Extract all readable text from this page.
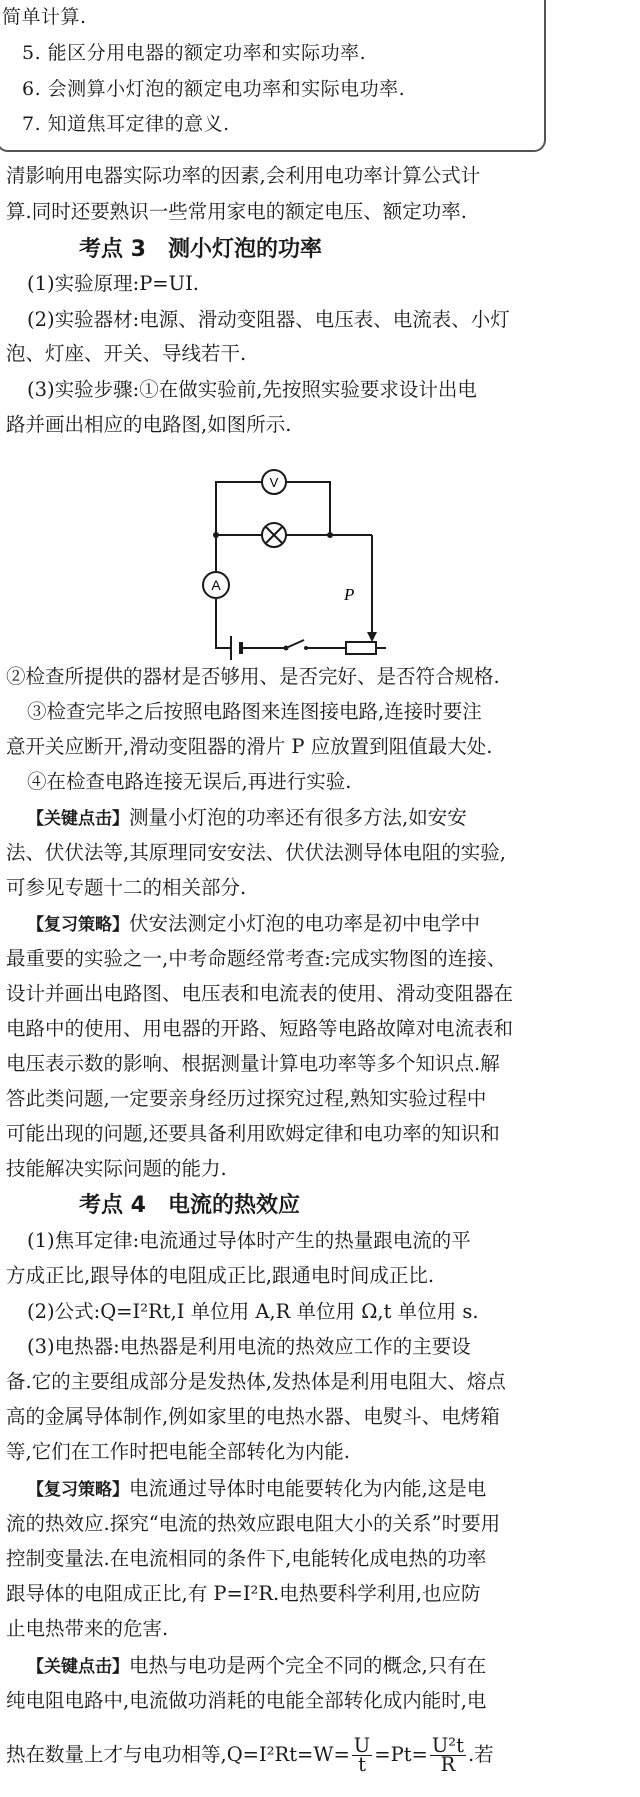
简单计算.
5. 能区分用电器的额定功率和实际功率.
6. 会测算小灯泡的额定电功率和实际电功率.
7. 知道焦耳定律的意义.
清影响用电器实际功率的因素,会利用电功率计算公式计
算.同时还要熟识一些常用家电的额定电压、额定功率.
考点 3 测小灯泡的功率
(1)实验原理:P=UI.
(2)实验器材:电源、滑动变阻器、电压表、电流表、小灯
泡、灯座、开关、导线若干.
(3)实验步骤:①在做实验前,先按照实验要求设计出电
路并画出相应的电路图,如图所示.
V
A	P
②检查所提供的器材是否够用、是否完好、是否符合规格.
③检查完毕之后按照电路图来连图接电路,连接时要注
意开关应断开,滑动变阻器的滑片 P 应放置到阻值最大处.
④在检查电路连接无误后,再进行实验.
【关键点击】测量小灯泡的功率还有很多方法,如安安
法、伏伏法等,其原理同安安法、伏伏法测导体电阻的实验,
可参见专题十二的相关部分.
【复习策略】伏安法测定小灯泡的电功率是初中电学中
最重要的实验之一,中考命题经常考查:完成实物图的连接、
设计并画出电路图、电压表和电流表的使用、滑动变阻器在
电路中的使用、用电器的开路、短路等电路故障对电流表和
电压表示数的影响、根据测量计算电功率等多个知识点.解
答此类问题,一定要亲身经历过探究过程,熟知实验过程中
可能出现的问题,还要具备利用欧姆定律和电功率的知识和
技能解决实际问题的能力.
考点 4 电流的热效应
(1)焦耳定律:电流通过导体时产生的热量跟电流的平
方成正比,跟导体的电阻成正比,跟通电时间成正比.
(2)公式:Q=I²Rt,I 单位用 A,R 单位用 Ω,t 单位用 s.
(3)电热器:电热器是利用电流的热效应工作的主要设
备.它的主要组成部分是发热体,发热体是利用电阻大、熔点
高的金属导体制作,例如家里的电热水器、电熨斗、电烤箱
等,它们在工作时把电能全部转化为内能.
【复习策略】电流通过导体时电能要转化为内能,这是电
流的热效应.探究“电流的热效应跟电阻大小的关系”时要用
控制变量法.在电流相同的条件下,电能转化成电热的功率
跟导体的电阻成正比,有 P=I²R.电热要科学利用,也应防
止电热带来的危害.
【关键点击】电热与电功是两个完全不同的概念,只有在
纯电阻电路中,电流做功消耗的电能全部转化成内能时,电
热在数量上才与电功相等$,Q=I^2Rt=W= \frac{U}{t} =Pt= \frac{\text{U²t}}{R}$ .若
